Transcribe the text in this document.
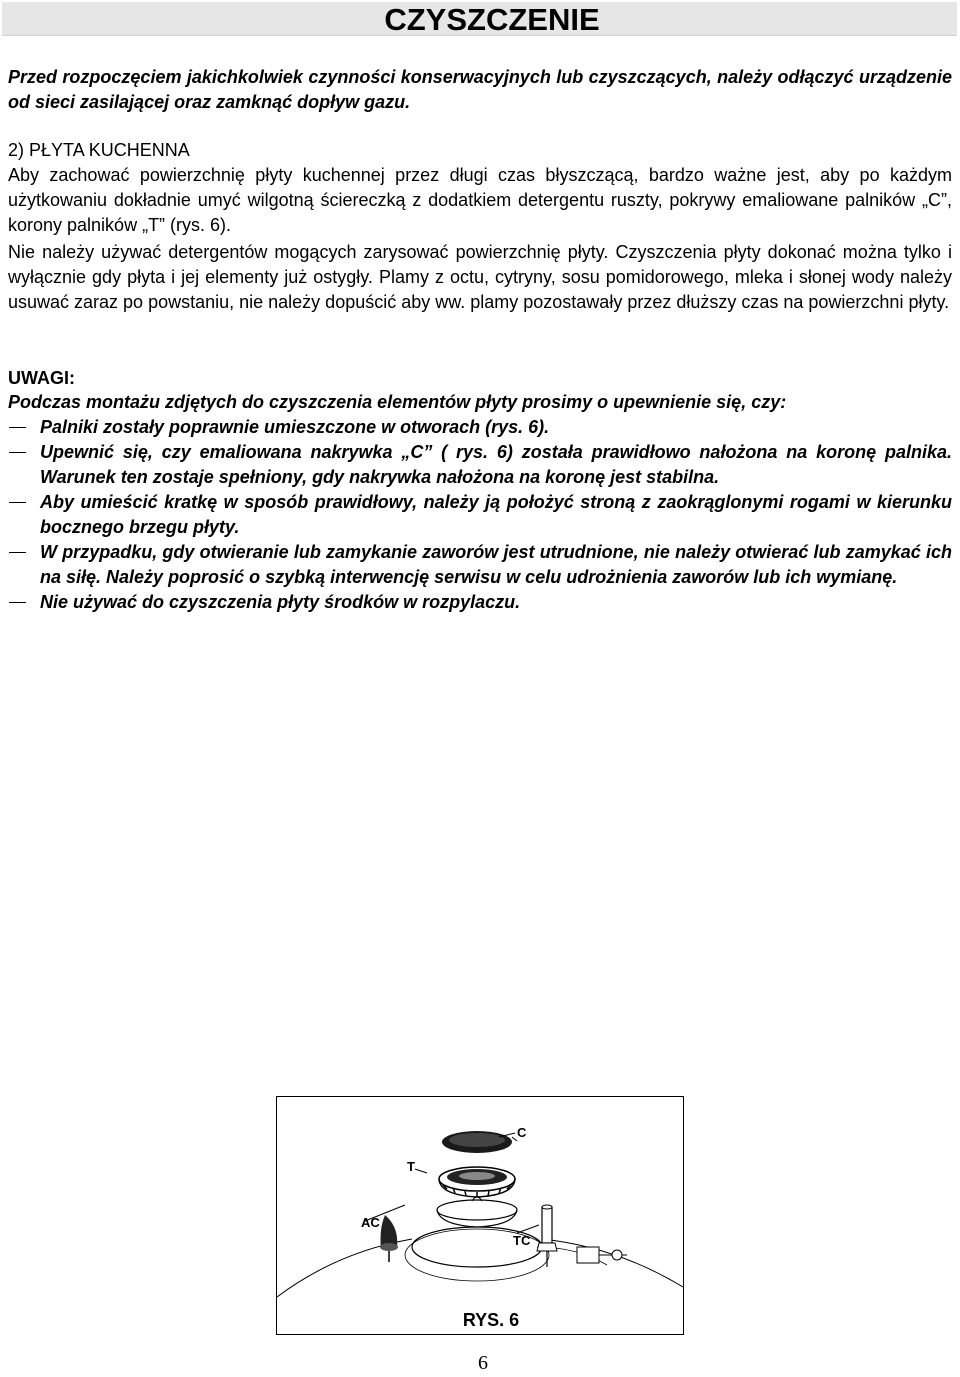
CZYSZCZENIE
Przed rozpoczęciem jakichkolwiek czynności konserwacyjnych lub czyszczących, należy odłączyć urządzenie od sieci zasilającej oraz zamknąć dopływ gazu.
2) PŁYTA KUCHENNA
Aby zachować powierzchnię płyty kuchennej przez długi czas błyszczącą, bardzo ważne jest, aby po każdym użytkowaniu dokładnie umyć wilgotną ściereczką z dodatkiem detergentu ruszty, pokrywy emaliowane palników „C”, korony palników „T” (rys. 6).
Nie należy używać detergentów mogących zarysować powierzchnię płyty. Czyszczenia płyty dokonać można tylko i wyłącznie gdy płyta i jej elementy już ostygły. Plamy z octu, cytryny, sosu pomidorowego, mleka i słonej wody należy usuwać zaraz po powstaniu, nie należy dopuścić aby ww. plamy pozostawały przez dłuższy czas na powierzchni płyty.
UWAGI:
Podczas montażu zdjętych do czyszczenia elementów płyty prosimy o upewnienie się, czy:
Palniki zostały poprawnie umieszczone w otworach (rys. 6).
Upewnić się, czy emaliowana nakrywka „C” ( rys. 6) została prawidłowo nałożona na koronę palnika. Warunek ten zostaje spełniony, gdy nakrywka nałożona na koronę jest stabilna.
Aby umieścić kratkę w sposób prawidłowy, należy ją położyć stroną z zaokrąglonymi rogami w kierunku bocznego brzegu płyty.
W przypadku, gdy otwieranie lub zamykanie zaworów jest utrudnione, nie należy otwierać lub zamykać ich na siłę. Należy poprosić o szybką interwencję serwisu w celu udrożnienia zaworów lub ich wymianę.
Nie używać do czyszczenia płyty środków w rozpylaczu.
C
T
AC
TC
RYS. 6
6
